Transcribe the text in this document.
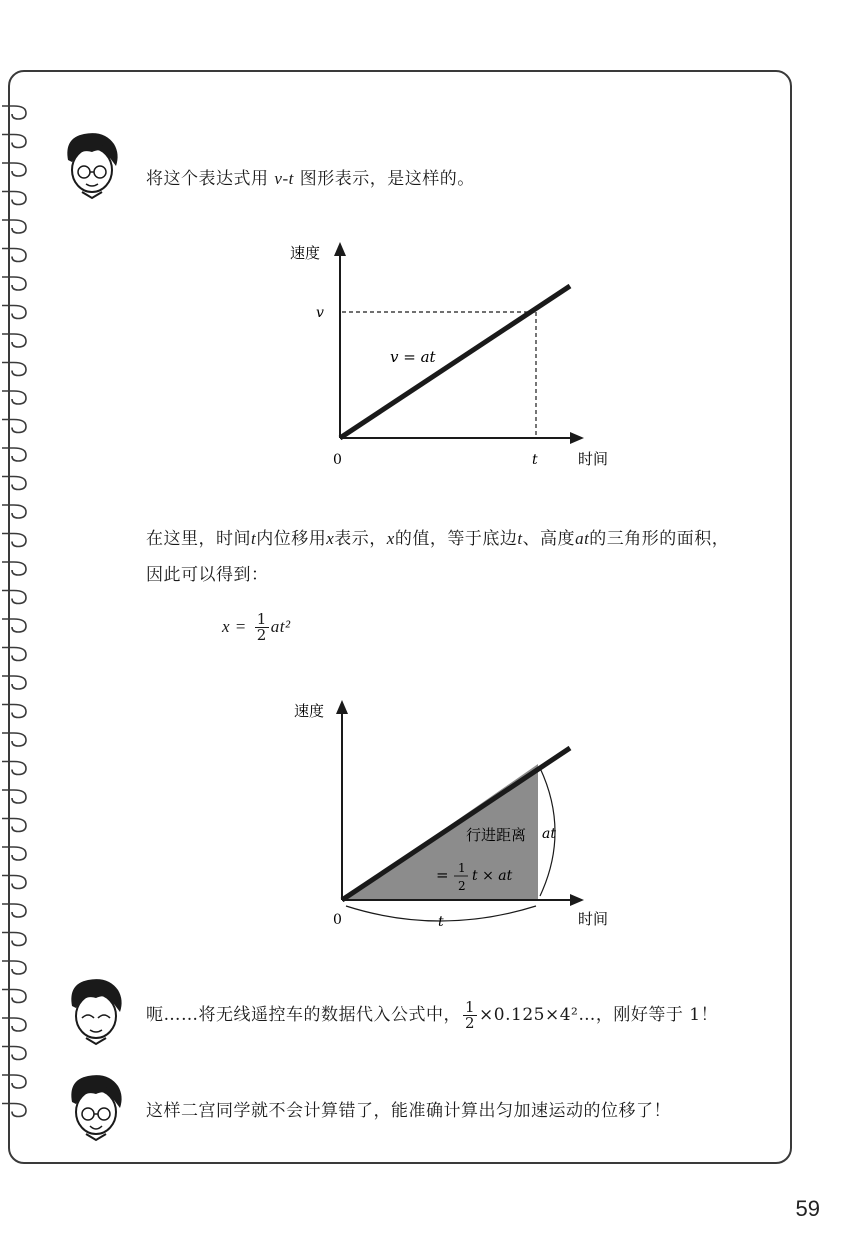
将这个表达式用 v-t 图形表示，是这样的。
速度
时间
0
v
t
v = at
在这里，时间t内位移用x表示，x的值，等于底边t、高度at的三角形的面积，
因此可以得到：
$x = \frac{1}{2} at^2$
速度
时间
0	t
at
行进距离
= 1
2
t × at
呃……将无线遥控车的数据代入公式中， $\frac{1}{2}$ ×0.125×4²…，刚好等于 1！
这样二宫同学就不会计算错了，能准确计算出匀加速运动的位移了！
59
